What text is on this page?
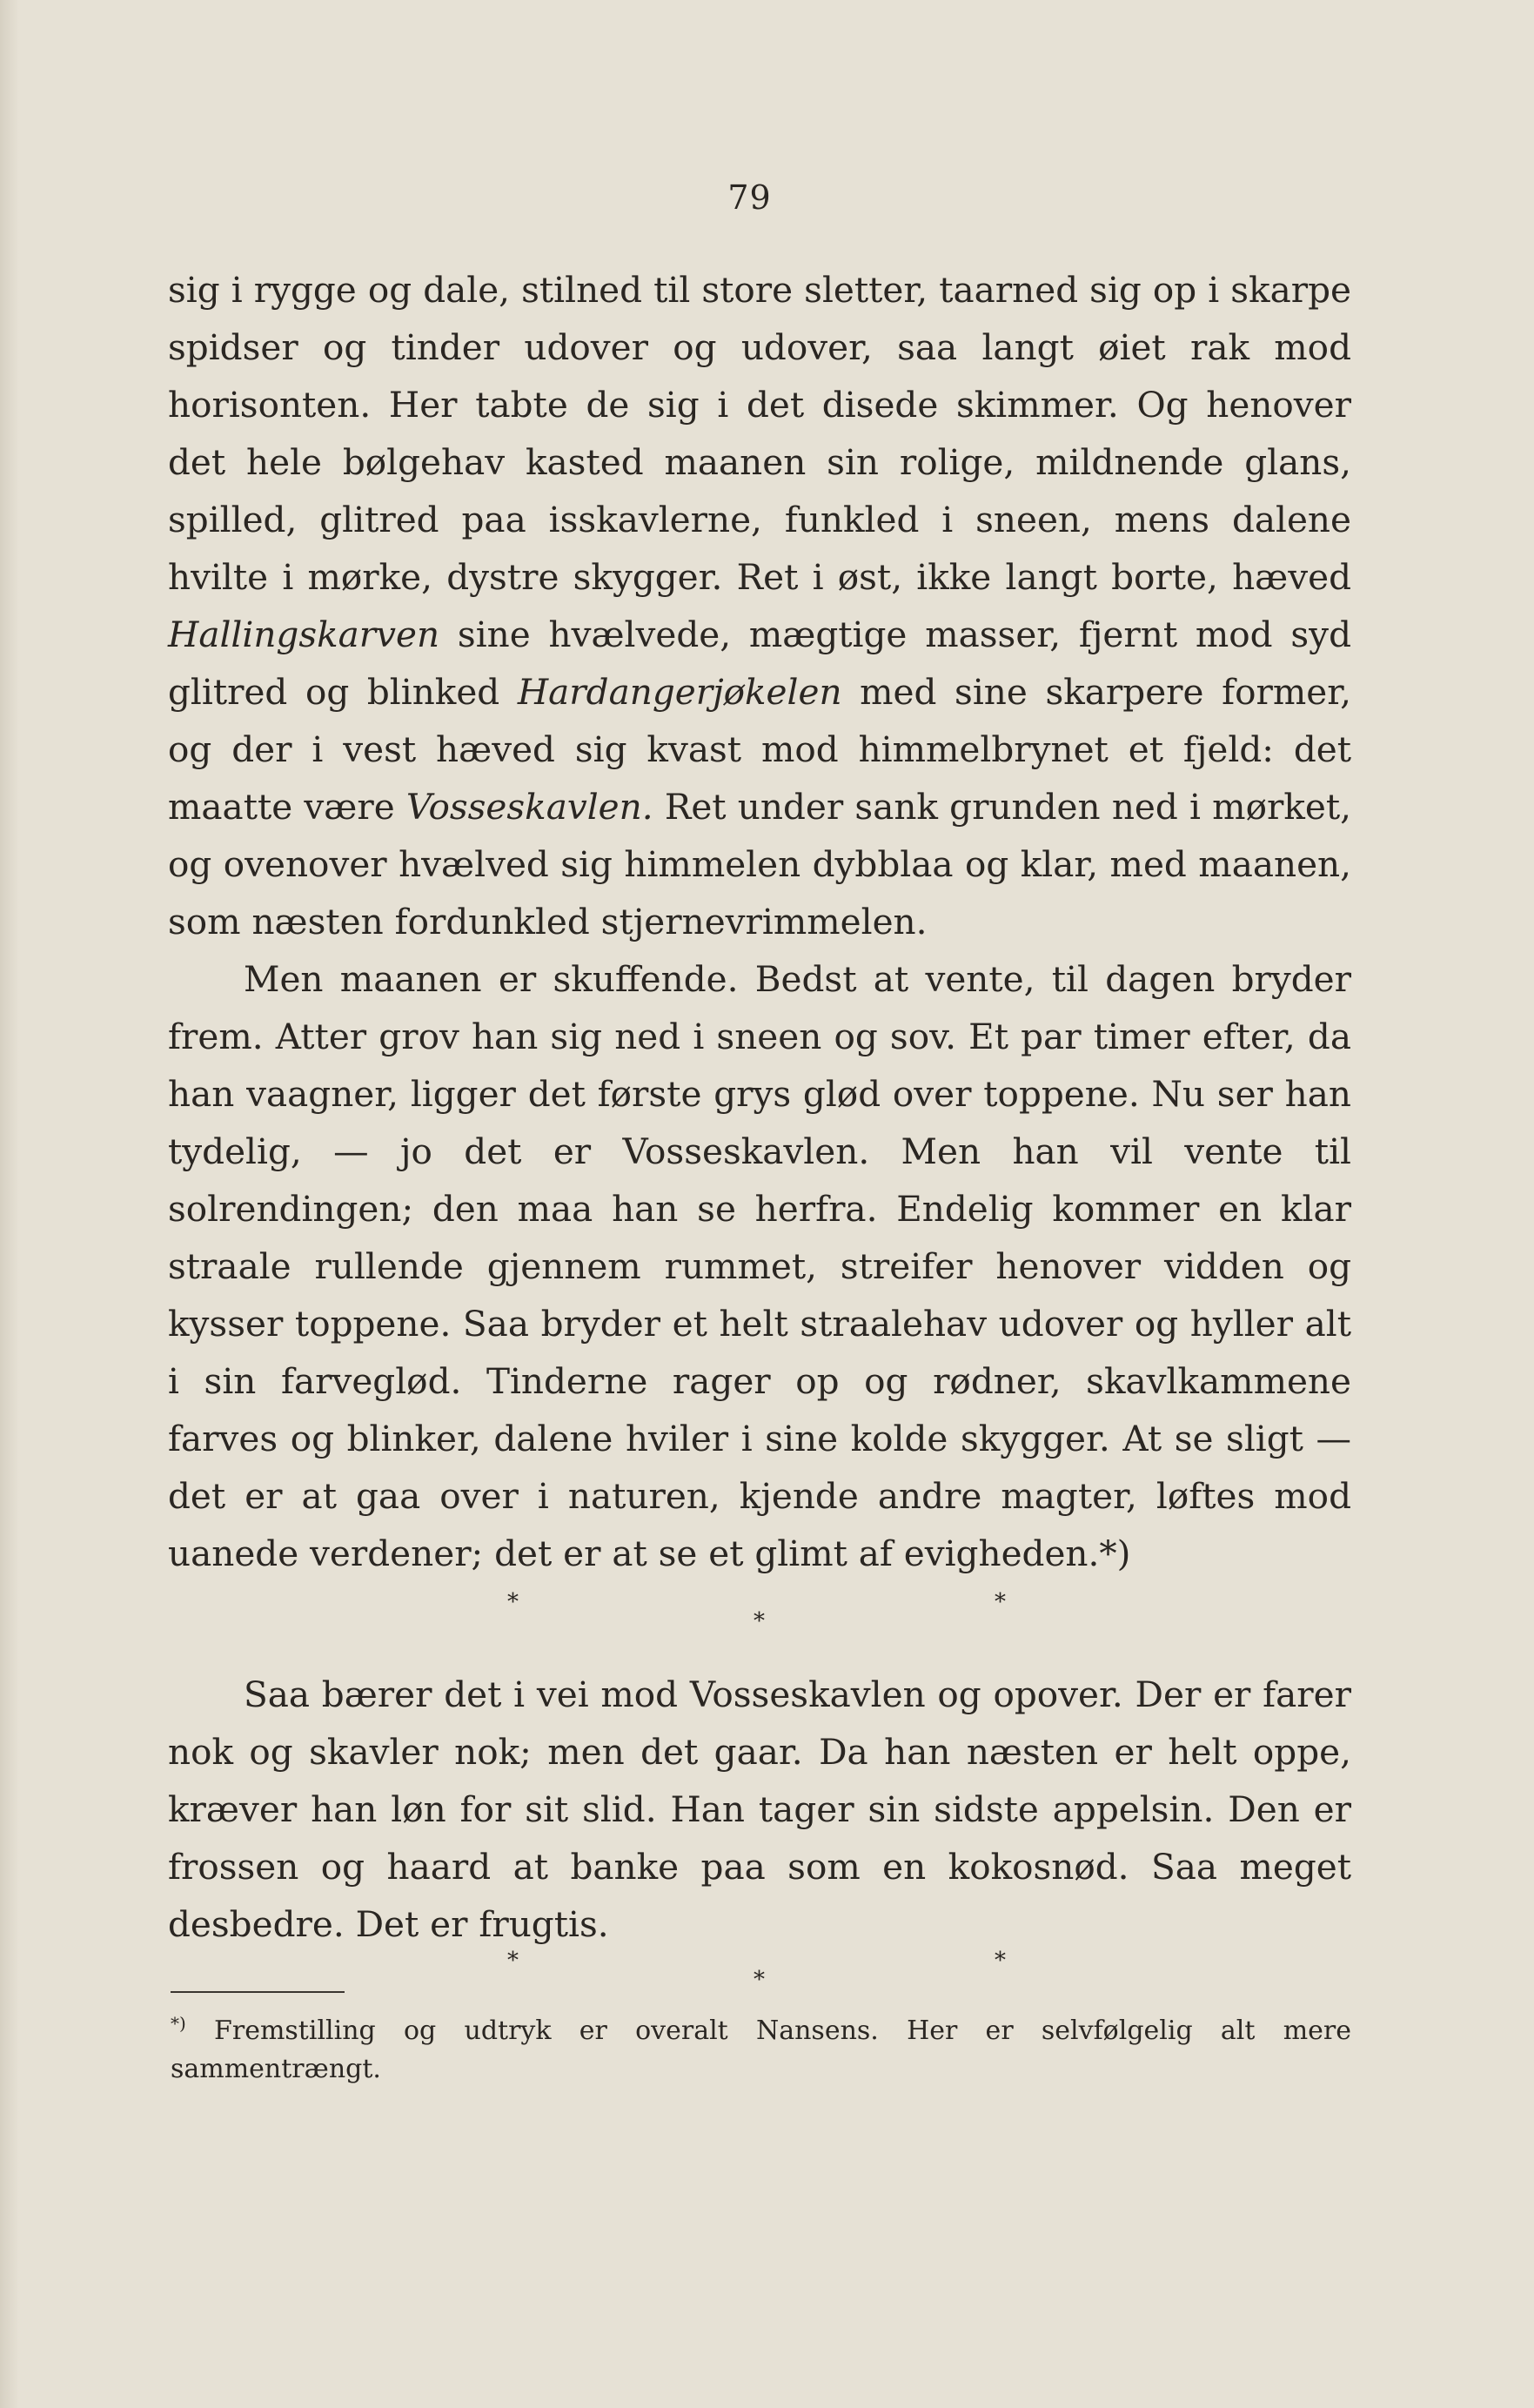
79

sig i rygge og dale, stilned til store sletter, taarned sig op i skarpe spidser og tinder udover og udover, saa langt øiet rak mod horisonten. Her tabte de sig i det disede skimmer. Og henover det hele bølgehav kasted maanen sin rolige, mildnende glans, spilled, glitred paa isskavlerne, funkled i sneen, mens dalene hvilte i mørke, dystre skygger. Ret i øst, ikke langt borte, hæved Hallingskarven sine hvælvede, mægtige masser, fjernt mod syd glitred og blinked Hardangerjøkelen med sine skarpere former, og der i vest hæved sig kvast mod himmelbrynet et fjeld: det maatte være Vosseskavlen. Ret under sank grunden ned i mørket, og ovenover hvælved sig himmelen dybblaa og klar, med maanen, som næsten fordunkled stjernevrimmelen.

Men maanen er skuffende. Bedst at vente, til dagen bryder frem. Atter grov han sig ned i sneen og sov. Et par timer efter, da han vaagner, ligger det første grys glød over toppene. Nu ser han tydelig, — jo det er Vosseskavlen. Men han vil vente til solrendingen; den maa han se herfra. Endelig kommer en klar straale rullende gjennem rummet, streifer henover vidden og kysser toppene. Saa bryder et helt straalehav udover og hyller alt i sin farveglød. Tinderne rager op og rødner, skavlkammene farves og blinker, dalene hviler i sine kolde skygger. At se sligt — det er at gaa over i naturen, kjende andre magter, løftes mod uanede verdener; det er at se et glimt af evigheden.*)

*
*
*

Saa bærer det i vei mod Vosseskavlen og opover. Der er farer nok og skavler nok; men det gaar. Da han næsten er helt oppe, kræver han løn for sit slid. Han tager sin sidste appelsin. Den er frossen og haard at banke paa som en kokosnød. Saa meget desbedre. Det er frugtis.

*
*
*
*) Fremstilling og udtryk er overalt Nansens. Her er selvfølgelig alt mere sammentrængt.
